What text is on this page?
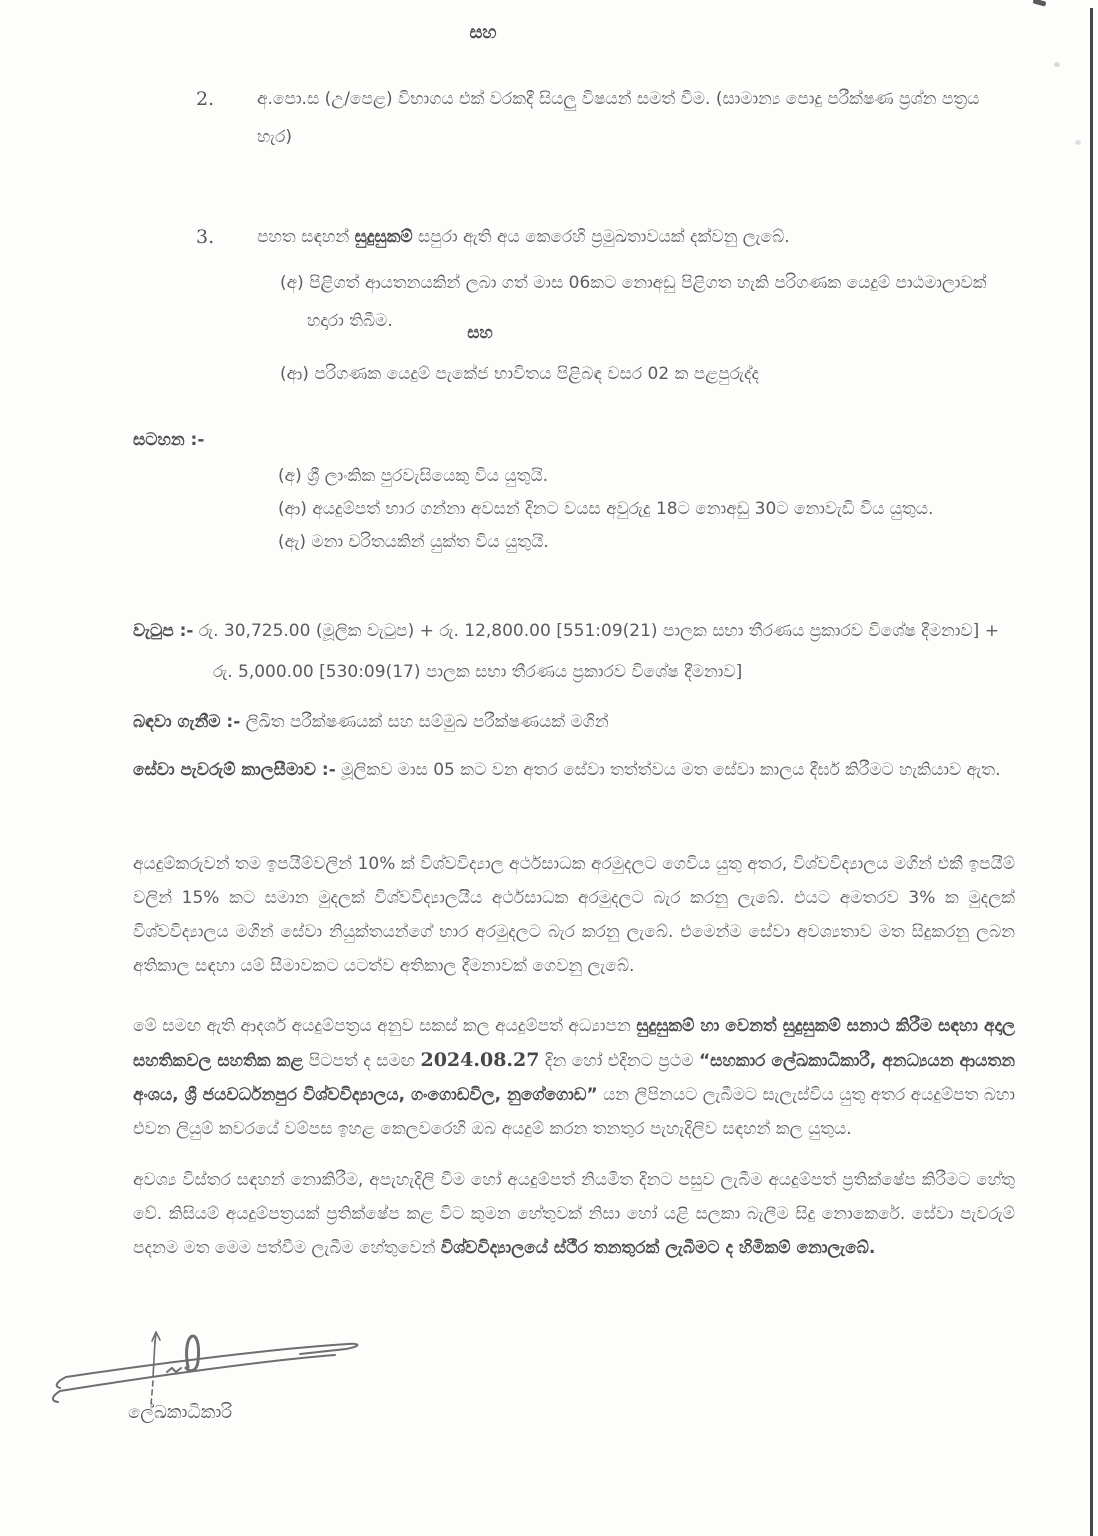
සහ
2.	අ.පො.ස (උ/පෙළ) විභාගය එක් වරකදී සියලු විෂයන් සමත් වීම. (සාමාන්‍ය පොදු පරීක්ෂණ ප්‍රශ්න පත්‍රය හැර)
3.	පහත සඳහන් සුදුසුකම් සපුරා ඇති අය කෙරෙහි ප්‍රමුඛතාවයක් දක්වනු ලැබේ.
(අ) පිළිගත් ආයතනයකින් ලබා ගත් මාස 06කට නොඅඩු පිළිගත හැකි පරිගණක යෙදුම් පාඨමාලාවක් හදාරා තිබීම.
සහ
(ආ) පරිගණක යෙදුම් පැකේජ භාවිතය පිළිබඳ වසර 02 ක පළපුරුද්ද
සටහන :-
(අ) ශ්‍රී ලාංකික පුරවැසියෙකු විය යුතුයි.
(ආ) අයදුම්පත් භාර ගන්නා අවසන් දිනට වයස අවුරුදු 18ට නොඅඩු 30ට නොවැඩි විය යුතුය.
(ඇ) මනා චරිතයකින් යුක්ත විය යුතුයි.

වැටුප :- රු. 30,725.00 (මූලික වැටුප) + රු. 12,800.00 [551:09(21) පාලක සභා තීරණය ප්‍රකාරව විශේෂ දීමනාව] + රු. 5,000.00 [530:09(17) පාලක සභා තීරණය ප්‍රකාරව විශේෂ දීමනාව]

බඳවා ගැනීම :- ලිඛිත පරීක්ෂණයක් සහ සම්මුඛ පරීක්ෂණයක් මගින්

සේවා පැවරුම් කාලසීමාව :- මූලිකව මාස 05 කට වන අතර සේවා තත්ත්වය මත සේවා කාලය දීර්ඝ කිරීමට හැකියාව ඇත.

අයදුම්කරුවන් තම ඉපයීම්වලින් 10% ක් විශ්වවිද්‍යාල අර්ථසාධක අරමුදලට ගෙවිය යුතු අතර, විශ්වවිද්‍යාලය මගින් එකී ඉපයීම් වලින් 15% කට සමාන මුදලක් විශ්වවිද්‍යාලයීය අර්ථසාධක අරමුදලට බැර කරනු ලැබේ. එයට අමතරව 3% ක මුදලක් විශ්වවිද්‍යාලය මගින් සේවා නියුක්තයන්ගේ භාර අරමුදලට බැර කරනු ලැබේ. එමෙන්ම සේවා අවශ්‍යතාව මත සිදුකරනු ලබන අතිකාල සඳහා යම් සීමාවකට යටත්ව අතිකාල දීමනාවක් ගෙවනු ලැබේ.

මේ සමඟ ඇති ආදර්ශ අයදුම්පත්‍රය අනුව සකස් කල අයදුම්පත් අධ්‍යාපන සුදුසුකම් හා වෙනත් සුදුසුකම් සනාථ කිරීම සඳහා අදාල සහතිකවල සහතික කළ පිටපත් ද සමඟ 2024.08.27 දින හෝ එදිනට ප්‍රථම “සහකාර ලේඛකාධිකාරී, අනධ්‍යයන ආයතන අංශය, ශ්‍රී ජයවර්ධනපුර විශ්වවිද්‍යාලය, ගංගොඩවිල, නුගේගොඩ” යන ලිපිනයට ලැබීමට සැලැස්විය යුතු අතර අයදුම්පත බහා එවන ලියුම් කවරයේ වම්පස ඉහළ කෙලවරෙහි ඔබ අයදුම් කරන තනතුර පැහැදිලිව සඳහන් කල යුතුය.

අවශ්‍ය විස්තර සඳහන් නොකිරීම, අපැහැදිලි වීම හෝ අයදුම්පත් නියමිත දිනට පසුව ලැබීම අයදුම්පත් ප්‍රතික්ෂේප කිරීමට හේතු වේ. කිසියම් අයදුම්පත්‍රයක් ප්‍රතික්ෂේප කළ විට කුමන හේතුවක් නිසා හෝ යළි සලකා බැලීම සිදු නොකෙරේ. සේවා පැවරුම් පදනම මත මෙම පත්වීම ලැබීම හේතුවෙන් විශ්වවිද්‍යාලයේ ස්ථීර තනතුරක් ලැබීමට ද හිමිකම් නොලැබේ.

ලේඛකාධිකාරි
